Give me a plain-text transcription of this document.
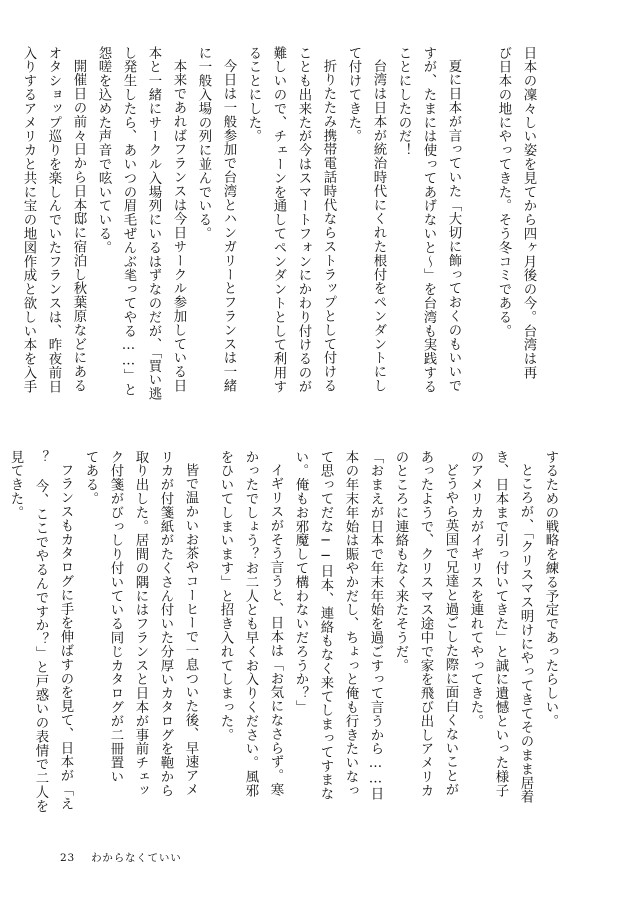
日本の凜々しい姿を見てから四ヶ月後の今。台湾は再

び日本の地にやってきた。そう冬コミである。

夏に日本が言っていた「大切に飾っておくのもいいで

すが、たまには使ってあげないと〜」を台湾も実践する

ことにしたのだ！

台湾は日本が統治時代にくれた根付をペンダントにし

て付けてきた。

折りたたみ携帯電話時代ならストラップとして付ける

ことも出来たが今はスマートフォンにかわり付けるのが

難しいので、チェーンを通してペンダントとして利用す

ることにした。

今日は一般参加で台湾とハンガリーとフランスは一緒

に一般入場の列に並んでいる。

本来であればフランスは今日サークル参加している日

本と一緒にサークル入場列にいるはずなのだが、「買い逃

し発生したら、あいつの眉毛ぜんぶ毟ってやる……」と

怨嗟を込めた声音で呟いている。

開催日の前々日から日本邸に宿泊し秋葉原などにある

オタショップ巡りを楽しんでいたフランスは、昨夜前日

入りするアメリカと共に宝の地図作成と欲しい本を入手

するための戦略を練る予定であったらしい。

ところが、「クリスマス明けにやってきてそのまま居着

き、日本まで引っ付いてきた」と誠に遺憾といった様子

のアメリカがイギリスを連れてやってきた。

どうやら英国で兄達と過ごした際に面白くないことが

あったようで、クリスマス途中で家を飛び出しアメリカ

のところに連絡もなく来たそうだ。

「おまえが日本で年末年始を過ごすって言うから……日

本の年末年始は賑やかだし、ちょっと俺も行きたいなっ

て思ってだな──日本、連絡もなく来てしまってすまな

い。俺もお邪魔して構わないだろうか？」

イギリスがそう言うと、日本は「お気になさらず。寒

かったでしょう？お二人とも早くお入りください。風邪

をひいてしまいます」と招き入れてしまった。

皆で温かいお茶やコーヒーで一息ついた後、早速アメ

リカが付箋紙がたくさん付いた分厚いカタログを鞄から

取り出した。居間の隅にはフランスと日本が事前チェッ

ク付箋がびっしり付いている同じカタログが二冊置い

てある。

フランスもカタログに手を伸ばすのを見て、日本が「え

？ 今、ここでやるんですか？」と戸惑いの表情で二人を

見てきた。

23 わからなくていい
